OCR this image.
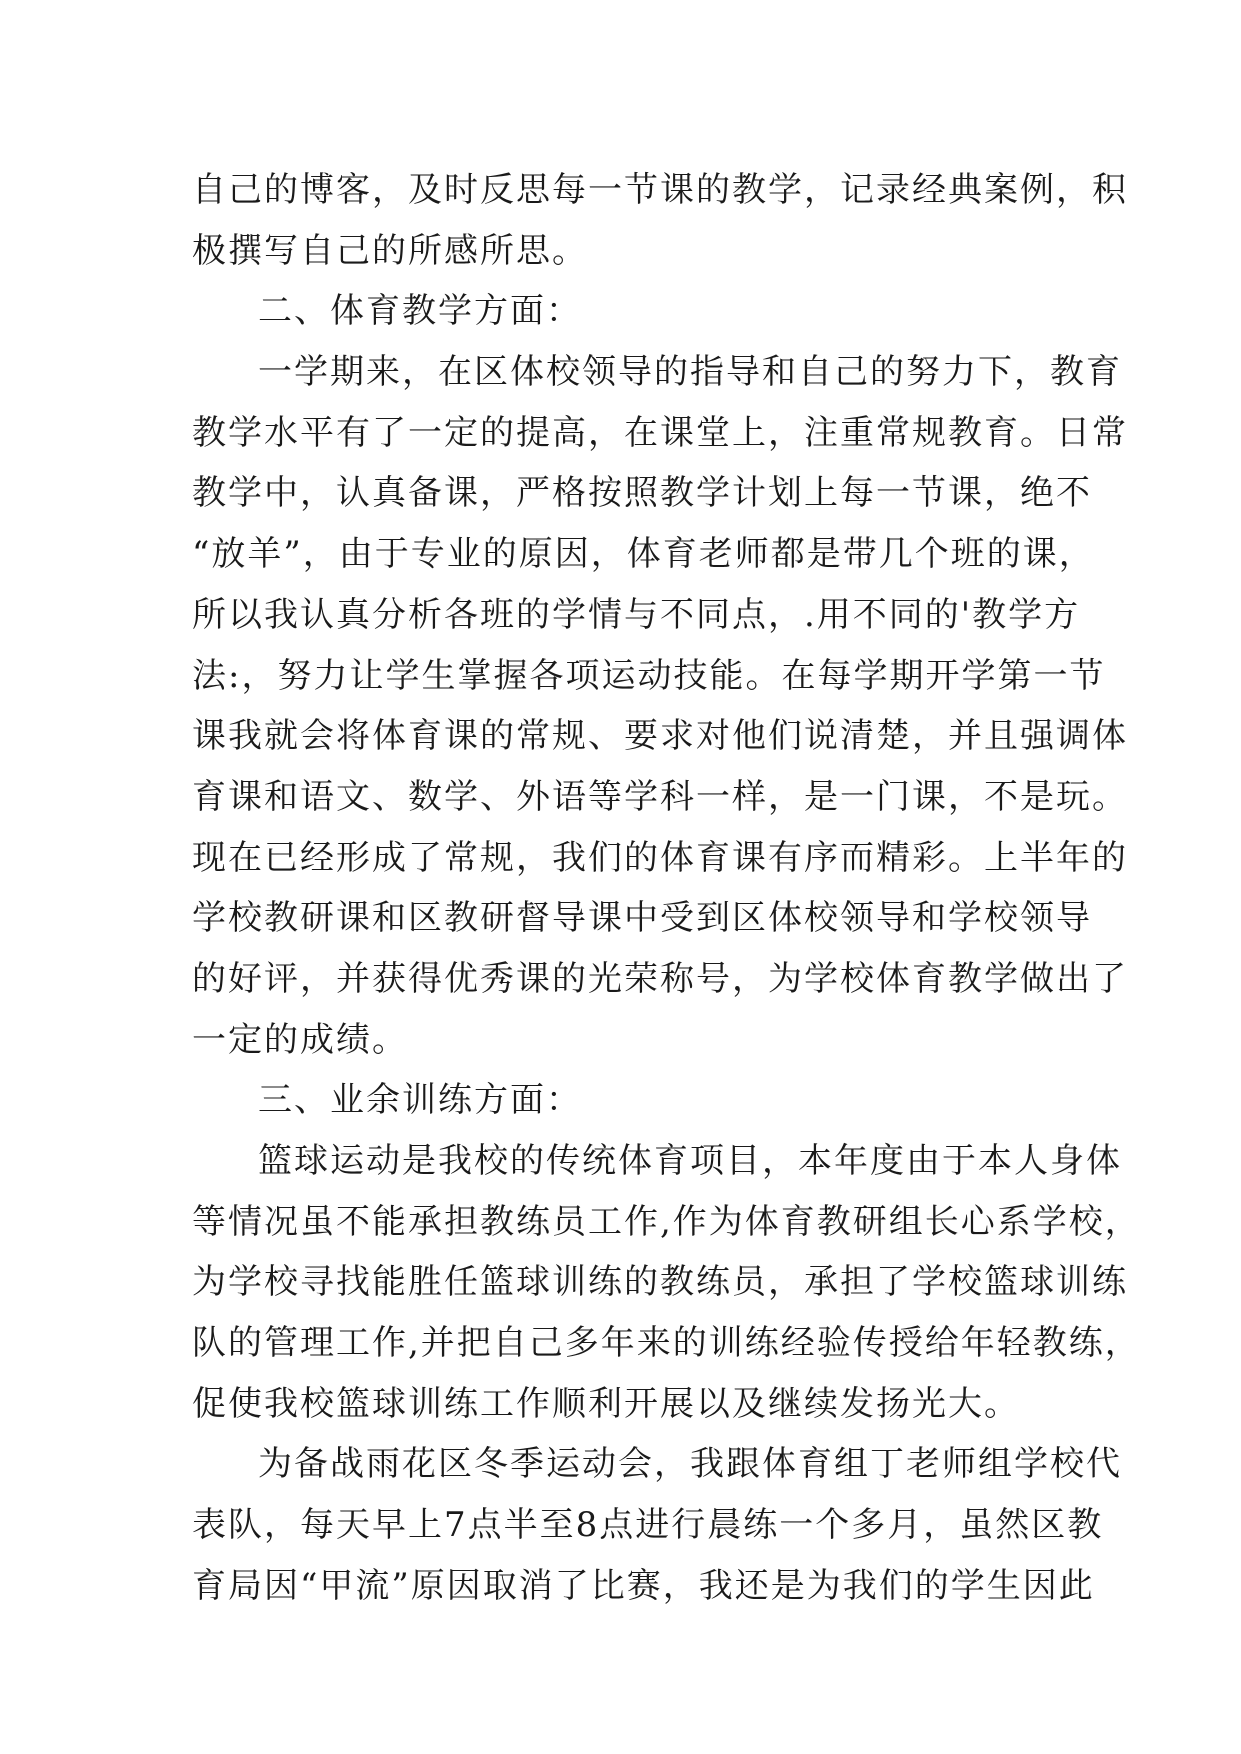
自己的博客，及时反思每一节课的教学，记录经典案例，积
极撰写自己的所感所思。
二、体育教学方面：
一学期来，在区体校领导的指导和自己的努力下，教育
教学水平有了一定的提高，在课堂上，注重常规教育。日常
教学中，认真备课，严格按照教学计划上每一节课，绝不
“放羊”，由于专业的原因，体育老师都是带几个班的课，
所以我认真分析各班的学情与不同点，.用不同的'教学方
法:，努力让学生掌握各项运动技能。在每学期开学第一节
课我就会将体育课的常规、要求对他们说清楚，并且强调体
育课和语文、数学、外语等学科一样，是一门课，不是玩。
现在已经形成了常规，我们的体育课有序而精彩。上半年的
学校教研课和区教研督导课中受到区体校领导和学校领导
的好评，并获得优秀课的光荣称号，为学校体育教学做出了
一定的成绩。
三、业余训练方面：
篮球运动是我校的传统体育项目，本年度由于本人身体
等情况虽不能承担教练员工作,作为体育教研组长心系学校，
为学校寻找能胜任篮球训练的教练员，承担了学校篮球训练
队的管理工作,并把自己多年来的训练经验传授给年轻教练，
促使我校篮球训练工作顺利开展以及继续发扬光大。
为备战雨花区冬季运动会，我跟体育组丁老师组学校代
表队，每天早上7点半至8点进行晨练一个多月，虽然区教
育局因“甲流”原因取消了比赛，我还是为我们的学生因此
